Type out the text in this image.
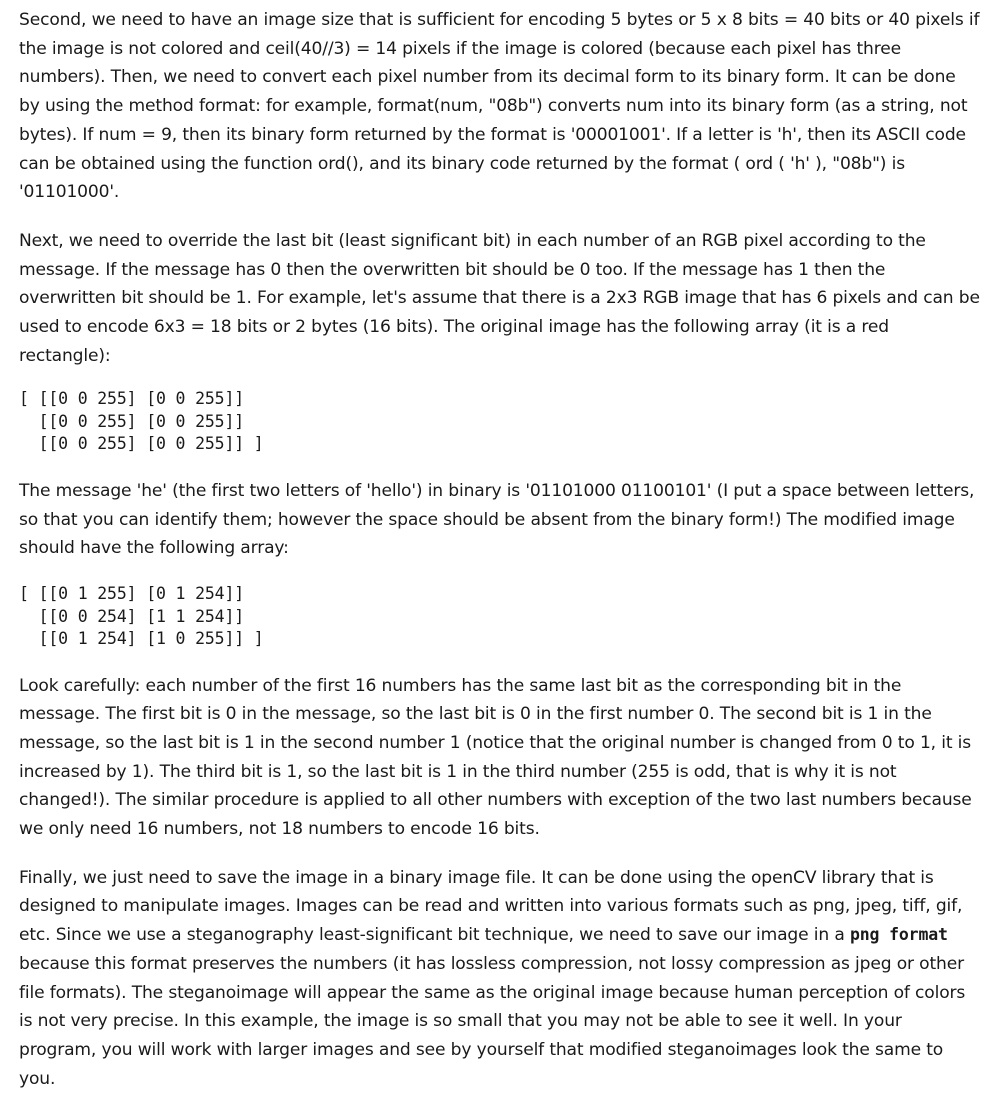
Second, we need to have an image size that is sufficient for encoding 5 bytes or 5 x 8 bits = 40 bits or 40 pixels if the image is not colored and ceil(40//3) = 14 pixels if the image is colored (because each pixel has three numbers). Then, we need to convert each pixel number from its decimal form to its binary form. It can be done by using the method format: for example, format(num, "08b") converts num into its binary form (as a string, not bytes). If num = 9, then its binary form returned by the format is '00001001'. If a letter is 'h', then its ASCII code can be obtained using the function ord(), and its binary code returned by the format ( ord ( 'h' ), "08b") is '01101000'.

Next, we need to override the last bit (least significant bit) in each number of an RGB pixel according to the message. If the message has 0 then the overwritten bit should be 0 too. If the message has 1 then the overwritten bit should be 1. For example, let's assume that there is a 2x3 RGB image that has 6 pixels and can be used to encode 6x3 = 18 bits or 2 bytes (16 bits). The original image has the following array (it is a red rectangle):

[ [[0 0 255] [0 0 255]]
[[0 0 255] [0 0 255]]
[[0 0 255] [0 0 255]] ]

The message 'he' (the first two letters of 'hello') in binary is '01101000 01100101' (I put a space between letters, so that you can identify them; however the space should be absent from the binary form!) The modified image should have the following array:

[ [[0 1 255] [0 1 254]]
[[0 0 254] [1 1 254]]
[[0 1 254] [1 0 255]] ]

Look carefully: each number of the first 16 numbers has the same last bit as the corresponding bit in the message. The first bit is 0 in the message, so the last bit is 0 in the first number 0. The second bit is 1 in the message, so the last bit is 1 in the second number 1 (notice that the original number is changed from 0 to 1, it is increased by 1). The third bit is 1, so the last bit is 1 in the third number (255 is odd, that is why it is not changed!). The similar procedure is applied to all other numbers with exception of the two last numbers because we only need 16 numbers, not 18 numbers to encode 16 bits.

Finally, we just need to save the image in a binary image file. It can be done using the openCV library that is designed to manipulate images. Images can be read and written into various formats such as png, jpeg, tiff, gif, etc. Since we use a steganography least-significant bit technique, we need to save our image in a png format because this format preserves the numbers (it has lossless compression, not lossy compression as jpeg or other file formats). The steganoimage will appear the same as the original image because human perception of colors is not very precise. In this example, the image is so small that you may not be able to see it well. In your program, you will work with larger images and see by yourself that modified steganoimages look the same to you.
